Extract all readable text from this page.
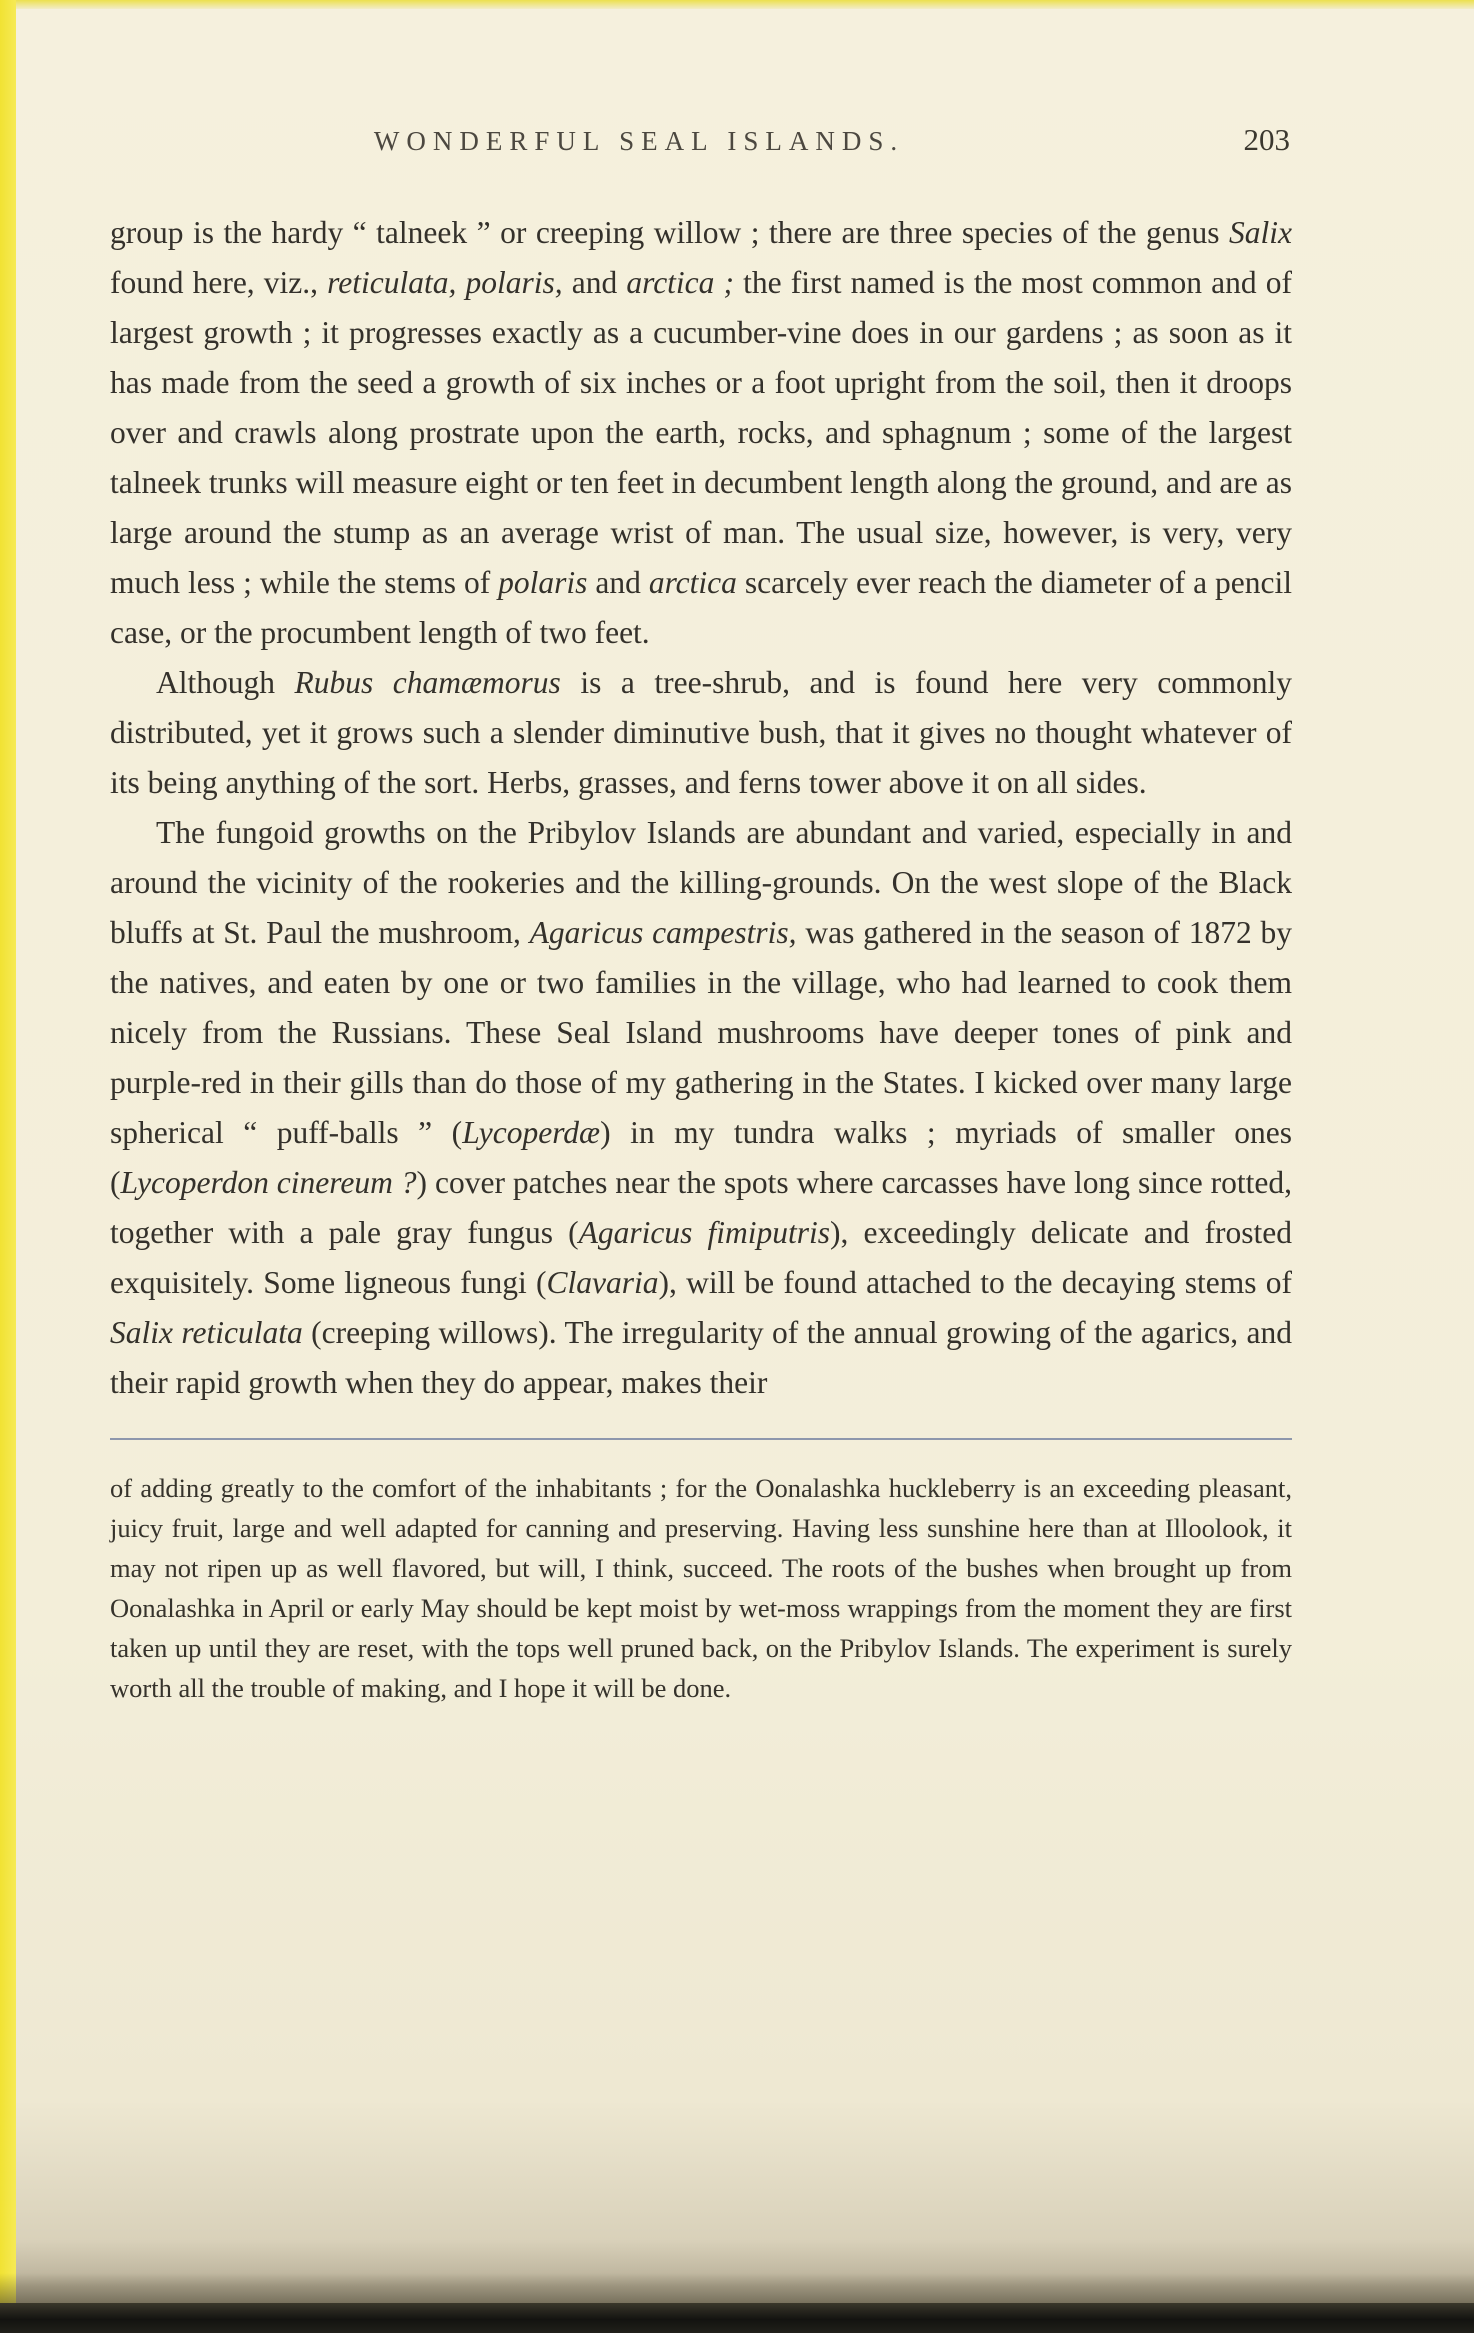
WONDERFUL SEAL ISLANDS.	203

group is the hardy “ talneek ” or creeping willow ; there are three species of the genus Salix found here, viz., reticulata, polaris, and arctica ; the first named is the most common and of largest growth ; it progresses exactly as a cucumber-vine does in our gardens ; as soon as it has made from the seed a growth of six inches or a foot upright from the soil, then it droops over and crawls along prostrate upon the earth, rocks, and sphagnum ; some of the largest talneek trunks will measure eight or ten feet in decumbent length along the ground, and are as large around the stump as an average wrist of man. The usual size, however, is very, very much less ; while the stems of polaris and arctica scarcely ever reach the diameter of a pencil case, or the procumbent length of two feet.

Although Rubus chamæmorus is a tree-shrub, and is found here very commonly distributed, yet it grows such a slender diminutive bush, that it gives no thought whatever of its being anything of the sort. Herbs, grasses, and ferns tower above it on all sides.

The fungoid growths on the Pribylov Islands are abundant and varied, especially in and around the vicinity of the rookeries and the killing-grounds. On the west slope of the Black bluffs at St. Paul the mushroom, Agaricus campestris, was gathered in the season of 1872 by the natives, and eaten by one or two families in the village, who had learned to cook them nicely from the Russians. These Seal Island mushrooms have deeper tones of pink and purple-red in their gills than do those of my gathering in the States. I kicked over many large spherical “ puff-balls ” (Lycoperdæ) in my tundra walks ; myriads of smaller ones (Lycoperdon cinereum ?) cover patches near the spots where carcasses have long since rotted, together with a pale gray fungus (Agaricus fimiputris), exceedingly delicate and frosted exquisitely. Some ligneous fungi (Clavaria), will be found attached to the decaying stems of Salix reticulata (creeping willows). The irregularity of the annual growing of the agarics, and their rapid growth when they do appear, makes their

of adding greatly to the comfort of the inhabitants ; for the Oonalashka huckleberry is an exceeding pleasant, juicy fruit, large and well adapted for canning and preserving. Having less sunshine here than at Illoolook, it may not ripen up as well flavored, but will, I think, succeed. The roots of the bushes when brought up from Oonalashka in April or early May should be kept moist by wet-moss wrappings from the moment they are first taken up until they are reset, with the tops well pruned back, on the Pribylov Islands. The experiment is surely worth all the trouble of making, and I hope it will be done.
